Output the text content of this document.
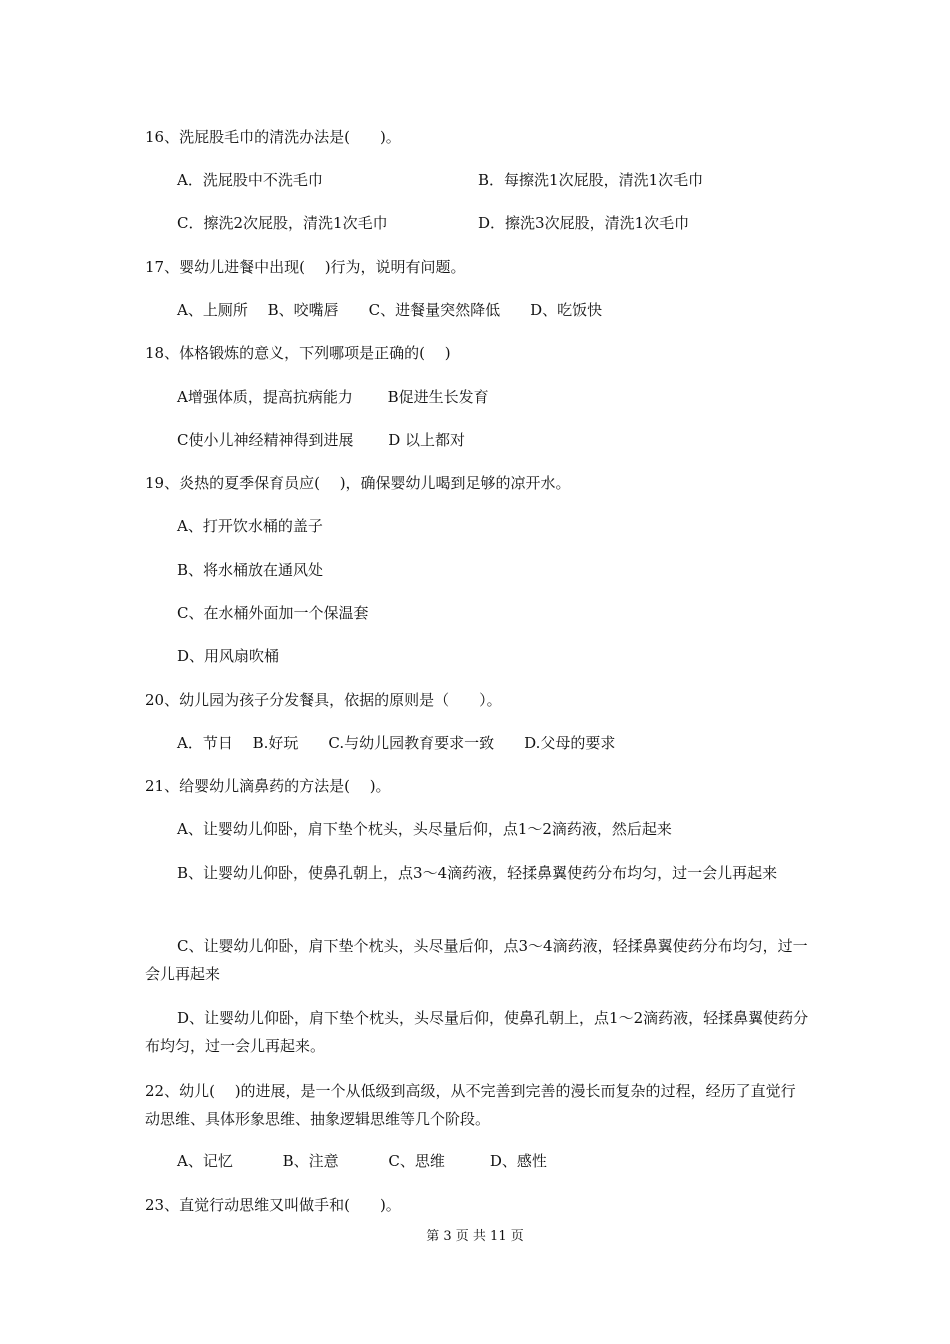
16、洗屁股毛巾的清洗办法是(　　)。
A．洗屁股中不洗毛巾	B．每擦洗1次屁股，清洗1次毛巾
C．擦洗2次屁股，清洗1次毛巾	D．擦洗3次屁股，清洗1次毛巾
17、婴幼儿进餐中出现(　 )行为，说明有问题。
A、上厕所　 B、咬嘴唇　　C、进餐量突然降低　　D、吃饭快
18、体格锻炼的意义，下列哪项是正确的(　 )
A增强体质，提高抗病能力　　 B促进生长发育
C使小儿神经精神得到进展　　 D 以上都对
19、炎热的夏季保育员应(　 )，确保婴幼儿喝到足够的凉开水。
A、打开饮水桶的盖子
B、将水桶放在通风处
C、在水桶外面加一个保温套
D、用风扇吹桶
20、幼儿园为孩子分发餐具，依据的原则是（　　）。
A．节日　 B.好玩　　C.与幼儿园教育要求一致　　D.父母的要求
21、给婴幼儿滴鼻药的方法是(　 )。
A、让婴幼儿仰卧，肩下垫个枕头，头尽量后仰，点1～2滴药液，然后起来
B、让婴幼儿仰卧，使鼻孔朝上，点3～4滴药液，轻揉鼻翼使药分布均匀，过一会儿再起来
C、让婴幼儿仰卧，肩下垫个枕头，头尽量后仰，点3～4滴药液，轻揉鼻翼使药分布均匀，过一会儿再起来
D、让婴幼儿仰卧，肩下垫个枕头，头尽量后仰，使鼻孔朝上，点1～2滴药液，轻揉鼻翼使药分布均匀，过一会儿再起来。
22、幼儿(　 )的进展，是一个从低级到高级，从不完善到完善的漫长而复杂的过程，经历了直觉行动思维、具体形象思维、抽象逻辑思维等几个阶段。
A、记忆　　　 B、注意　　　 C、思维　　　D、感性
23、直觉行动思维又叫做手和(　　)。
第 3 页 共 11 页
